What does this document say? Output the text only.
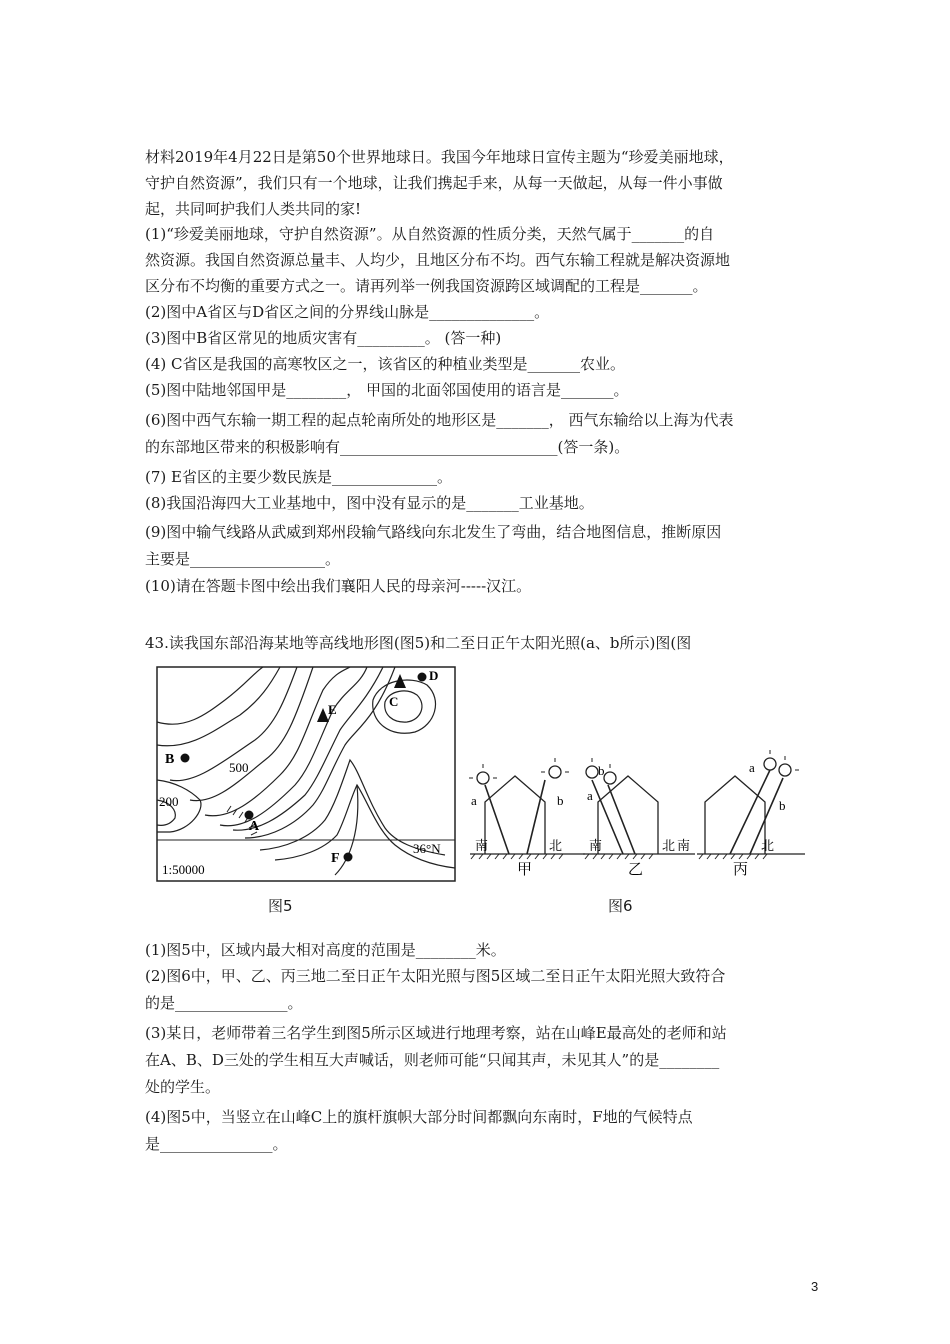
材料2019年4月22日是第50个世界地球日。我国今年地球日宣传主题为“珍爱美丽地球，
守护自然资源”，我们只有一个地球，让我们携起手来，从每一天做起，从每一件小事做
起，共同呵护我们人类共同的家!
(1)“珍爱美丽地球，守护自然资源”。从自然资源的性质分类，天然气属于_______的自
然资源。我国自然资源总量丰、人均少，且地区分布不均。西气东输工程就是解决资源地
区分布不均衡的重要方式之一。请再列举一例我国资源跨区域调配的工程是_______。
(2)图中A省区与D省区之间的分界线山脉是______________。
(3)图中B省区常见的地质灾害有_________。 (答一种)
(4) C省区是我国的高寒牧区之一，该省区的种植业类型是_______农业。
(5)图中陆地邻国甲是________， 甲国的北面邻国使用的语言是_______。
(6)图中西气东输一期工程的起点轮南所处的地形区是_______， 西气东输给以上海为代表
的东部地区带来的积极影响有_____________________________(答一条)。
(7) E省区的主要少数民族是______________。
(8)我国沿海四大工业基地中，图中没有显示的是_______工业基地。
(9)图中输气线路从武威到郑州段输气路线向东北发生了弯曲，结合地图信息，推断原因
主要是__________________。
(10)请在答题卡图中绘出我们襄阳人民的母亲河-----汉江。
43.读我国东部沿海某地等高线地形图(图5)和二至日正午太阳光照(a、b所示)图(图
B
A
C
D
E
F
500
200
36°N
1:50000
图5
a	b
b
a
a
b
南	北 南	北 南	北
甲	乙	丙
图6
(1)图5中，区域内最大相对高度的范围是________米。
(2)图6中，甲、乙、丙三地二至日正午太阳光照与图5区域二至日正午太阳光照大致符合
的是_______________。
(3)某日，老师带着三名学生到图5所示区域进行地理考察，站在山峰E最高处的老师和站
在A、B、D三处的学生相互大声喊话，则老师可能“只闻其声，未见其人”的是________
处的学生。
(4)图5中，当竖立在山峰C上的旗杆旗帜大部分时间都飘向东南时，F地的气候特点
是_______________。
3
